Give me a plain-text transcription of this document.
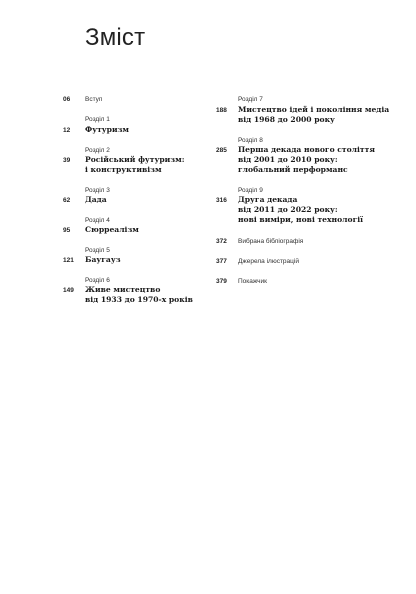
Зміст
06 Вступ
Розділ 1
12 Футуризм
Розділ 2
39 Російський футуризм:
і конструктивізм
Розділ 3
62 Дада
Розділ 4
95 Сюрреалізм
Розділ 5
121 Баугауз
Розділ 6
149 Живе мистецтво
від 1933 до 1970-х років
Розділ 7
188 Мистецтво ідей і покоління медіа
від 1968 до 2000 року
Розділ 8
285 Перша декада нового століття
від 2001 до 2010 року:
глобальний перформанс
Розділ 9
316 Друга декада
від 2011 до 2022 року:
нові виміри, нові технології
372 Вибрана бібліографія
377 Джерела ілюстрацій
379 Покажчик
